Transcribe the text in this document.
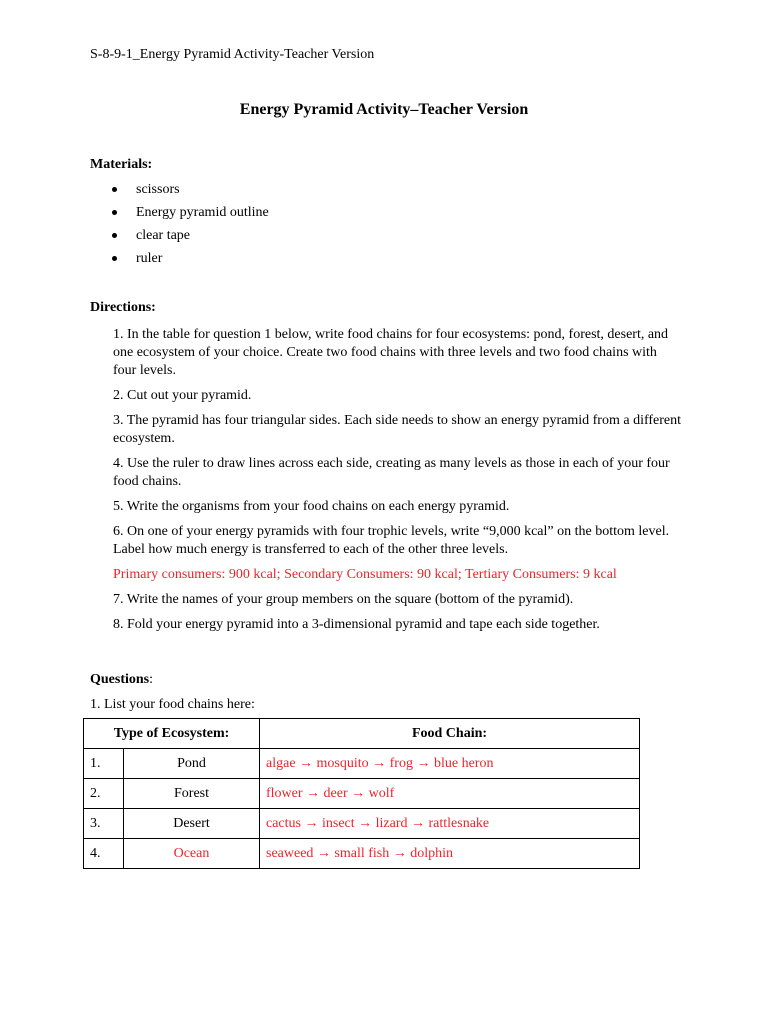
S-8-9-1_Energy Pyramid Activity-Teacher Version
Energy Pyramid Activity–Teacher Version
Materials:
scissors
Energy pyramid outline
clear tape
ruler
Directions:

1. In the table for question 1 below, write food chains for four ecosystems: pond, forest, desert, and one ecosystem of your choice. Create two food chains with three levels and two food chains with four levels.

2. Cut out your pyramid.

3. The pyramid has four triangular sides. Each side needs to show an energy pyramid from a different ecosystem.

4. Use the ruler to draw lines across each side, creating as many levels as those in each of your four food chains.

5. Write the organisms from your food chains on each energy pyramid.

6. On one of your energy pyramids with four trophic levels, write “9,000 kcal” on the bottom level. Label how much energy is transferred to each of the other three levels.

Primary consumers: 900 kcal; Secondary Consumers: 90 kcal; Tertiary Consumers: 9 kcal

7. Write the names of your group members on the square (bottom of the pyramid).

8. Fold your energy pyramid into a 3-dimensional pyramid and tape each side together.

Questions:
1. List your food chains here:
Type of Ecosystem:		Food Chain:
1.	Pond	algae → mosquito → frog → blue heron
2.	Forest	flower → deer → wolf
3.	Desert	cactus → insect → lizard → rattlesnake
4.	Ocean	seaweed → small fish → dolphin
